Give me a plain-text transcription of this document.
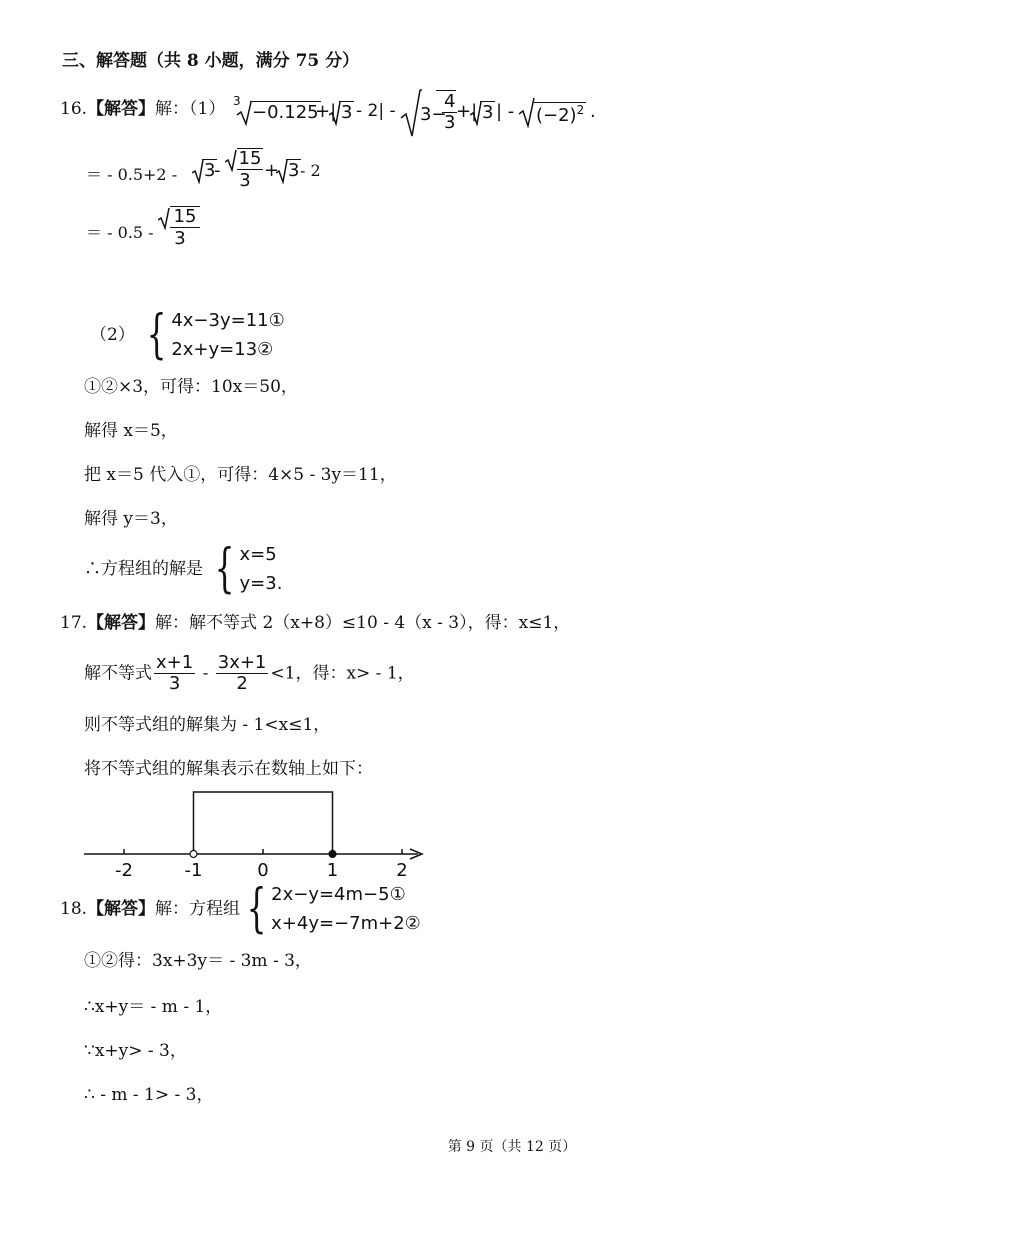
三、解答题（共 8 小题，满分 75 分）
16.【解答】解：（1） 3
−0.125
+| 3 - 2| - 3−
$\frac{4}{3}$
+| 3 | - $(-2)^2$ .
＝ - 0.5+2 - 3
- $\frac{15}{3} + 3 - 2$
＝ - $0.5 - \frac{15}{3}$
（2） { 4x−3y=11①
2x+y=13②
①②×3，可得：10x＝50，
解得 x＝5，
把 x＝5 代入①，可得：4×5 - 3y＝11，
解得 y＝3，
∴方程组的解是 { x=5
y=3.
17.【解答】解：解不等式 2（x+8）≤10 - 4（x - 3），得：x≤1，
解不等式 $\frac{x+1}{3} - \frac{3x+1}{2} <1$，得：x> - 1，
则不等式组的解集为 - 1<x≤1，
将不等式组的解集表示在数轴上如下：
-2	-1	0	1	2
18.【解答】解：方程组 { 2x−y=4m−5①
x+4y=−7m+2②
①②得：3x+3y＝ - 3m - 3，
∴x+y＝ - m - 1，
∵x+y> - 3，
∴ - m - 1> - 3，
第 9 页（共 12 页）
